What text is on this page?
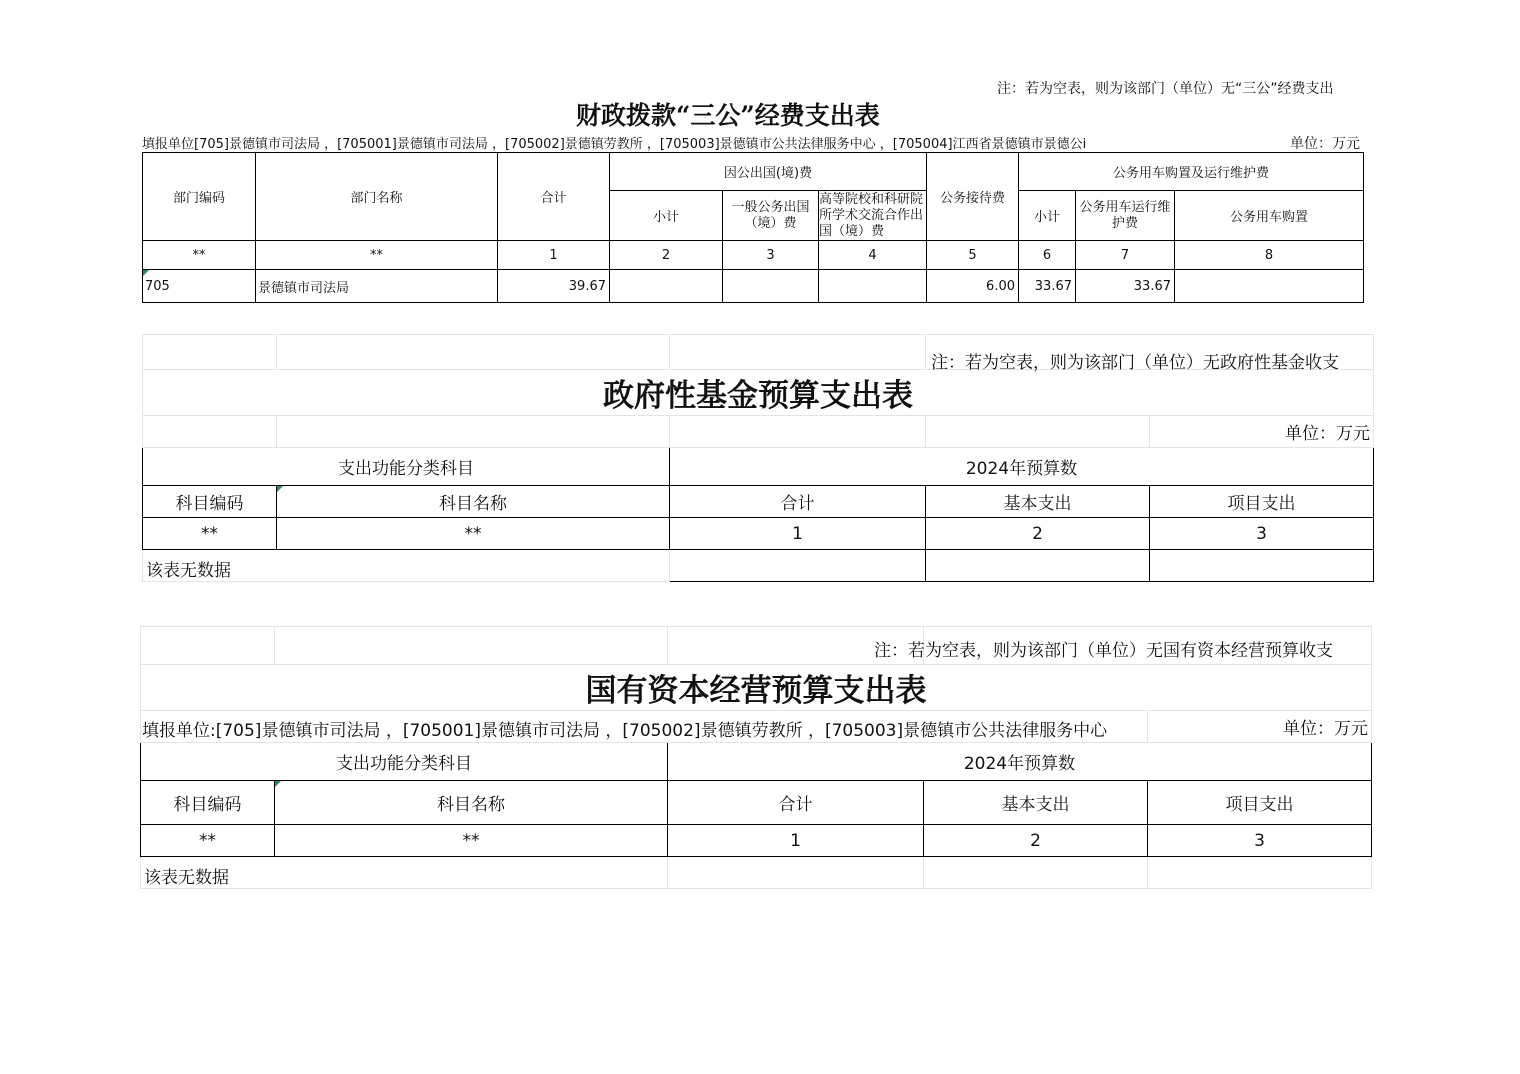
注：若为空表，则为该部门（单位）无“三公”经费支出
财政拨款“三公”经费支出表
填报单位[705]景德镇市司法局 ，[705001]景德镇市司法局 ，[705002]景德镇劳教所 ，[705003]景德镇市公共法律服务中心 ，[705004]江西省景德镇市景德公i	单位：万元
部门编码	部门名称	合计	因公出国(境)费			公务接待费	公务用车购置及运行维护费		
			小计	一般公务出国（境）费	高等院校和科研院所学术交流合作出国（境）费		小计	公务用车运行维护费	公务用车购置
**	**	1	2	3	4	5	6	7	8

705	景德镇市司法局	39.67				6.00	33.67	33.67	

政府性基金预算支出表				
				单位：万元
支出功能分类科目		2024年预算数		
科目编码	科目名称	合计	基本支出	项目支出
**	**	1	2	3
该表无数据				
注：若为空表，则为该部门（单位）无政府性基金收支

国有资本经营预算支出表				
				单位：万元
支出功能分类科目		2024年预算数		
科目编码	科目名称	合计	基本支出	项目支出
**	**	1	2	3
该表无数据				
注：若为空表，则为该部门（单位）无国有资本经营预算收支
填报单位:[705]景德镇市司法局 ，[705001]景德镇市司法局 ，[705002]景德镇劳教所 ，[705003]景德镇市公共法律服务中心
